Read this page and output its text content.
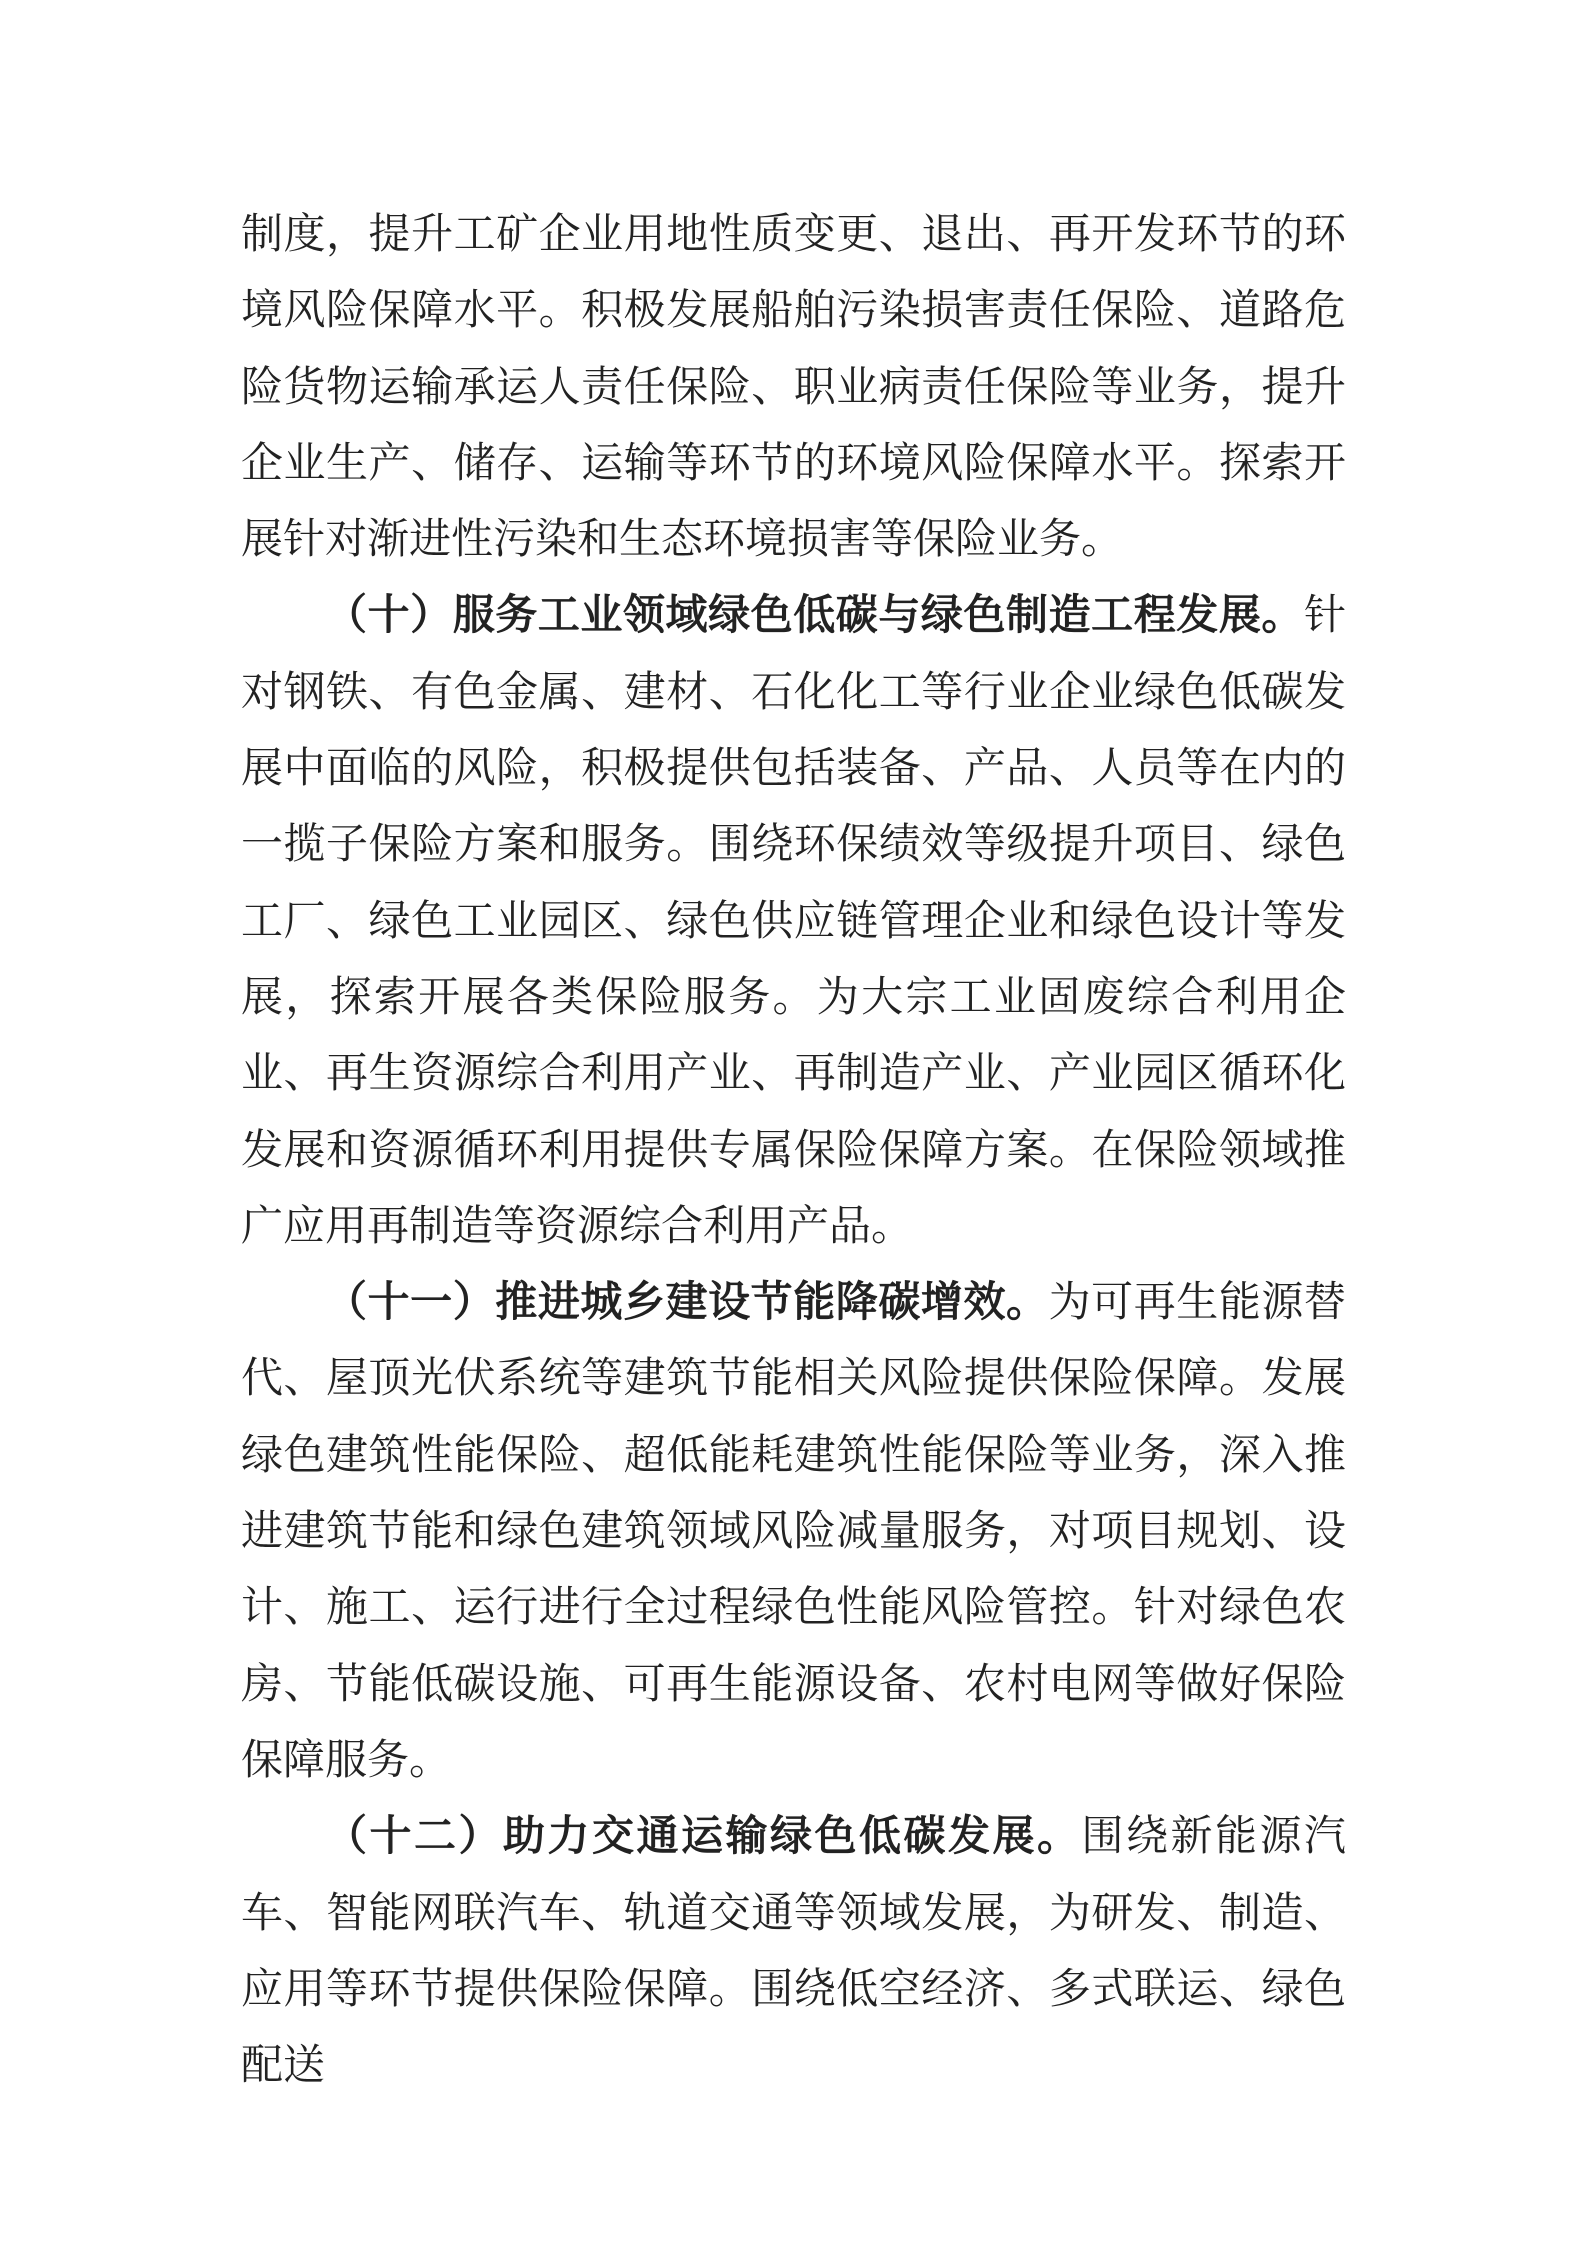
制度，提升工矿企业用地性质变更、退出、再开发环节的环境风险保障水平。积极发展船舶污染损害责任保险、道路危险货物运输承运人责任保险、职业病责任保险等业务，提升企业生产、储存、运输等环节的环境风险保障水平。探索开展针对渐进性污染和生态环境损害等保险业务。

（十）服务工业领域绿色低碳与绿色制造工程发展。针对钢铁、有色金属、建材、石化化工等行业企业绿色低碳发展中面临的风险，积极提供包括装备、产品、人员等在内的一揽子保险方案和服务。围绕环保绩效等级提升项目、绿色工厂、绿色工业园区、绿色供应链管理企业和绿色设计等发展，探索开展各类保险服务。为大宗工业固废综合利用企业、再生资源综合利用产业、再制造产业、产业园区循环化发展和资源循环利用提供专属保险保障方案。在保险领域推广应用再制造等资源综合利用产品。

（十一）推进城乡建设节能降碳增效。为可再生能源替代、屋顶光伏系统等建筑节能相关风险提供保险保障。发展绿色建筑性能保险、超低能耗建筑性能保险等业务，深入推进建筑节能和绿色建筑领域风险减量服务，对项目规划、设计、施工、运行进行全过程绿色性能风险管控。针对绿色农房、节能低碳设施、可再生能源设备、农村电网等做好保险保障服务。

（十二）助力交通运输绿色低碳发展。围绕新能源汽车、智能网联汽车、轨道交通等领域发展，为研发、制造、应用等环节提供保险保障。围绕低空经济、多式联运、绿色配送
